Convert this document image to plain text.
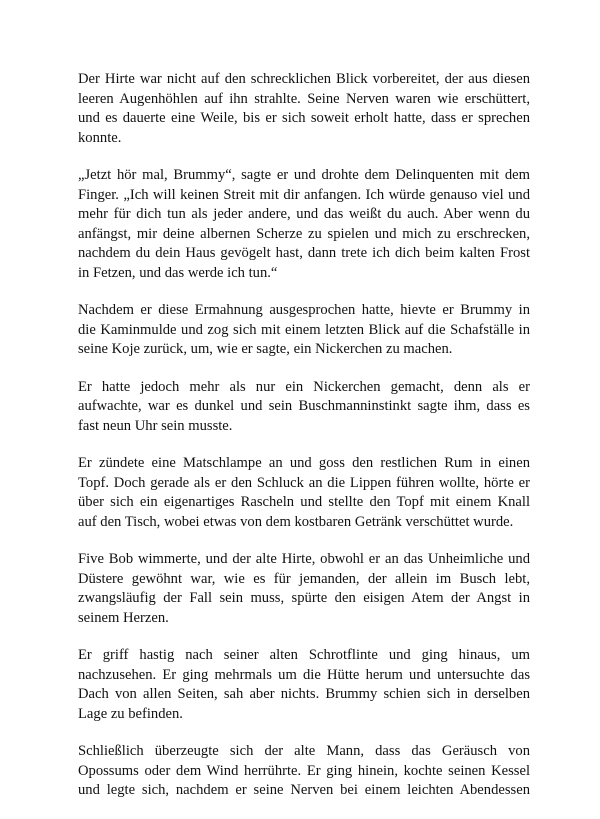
Der Hirte war nicht auf den schrecklichen Blick vorbereitet, der aus diesen
leeren Augenhöhlen auf ihn strahlte. Seine Nerven waren wie erschüttert,
und es dauerte eine Weile, bis er sich soweit erholt hatte, dass er sprechen
konnte.

„Jetzt hör mal, Brummy“, sagte er und drohte dem Delinquenten mit dem
Finger. „Ich will keinen Streit mit dir anfangen. Ich würde genauso viel und
mehr für dich tun als jeder andere, und das weißt du auch. Aber wenn du
anfängst, mir deine albernen Scherze zu spielen und mich zu erschrecken,
nachdem du dein Haus gevögelt hast, dann trete ich dich beim kalten Frost
in Fetzen, und das werde ich tun.“

Nachdem er diese Ermahnung ausgesprochen hatte, hievte er Brummy in
die Kaminmulde und zog sich mit einem letzten Blick auf die Schafställe in
seine Koje zurück, um, wie er sagte, ein Nickerchen zu machen.

Er hatte jedoch mehr als nur ein Nickerchen gemacht, denn als er
aufwachte, war es dunkel und sein Buschmanninstinkt sagte ihm, dass es
fast neun Uhr sein musste.

Er zündete eine Matschlampe an und goss den restlichen Rum in einen
Topf. Doch gerade als er den Schluck an die Lippen führen wollte, hörte er
über sich ein eigenartiges Rascheln und stellte den Topf mit einem Knall
auf den Tisch, wobei etwas von dem kostbaren Getränk verschüttet wurde.

Five Bob wimmerte, und der alte Hirte, obwohl er an das Unheimliche und
Düstere gewöhnt war, wie es für jemanden, der allein im Busch lebt,
zwangsläufig der Fall sein muss, spürte den eisigen Atem der Angst in
seinem Herzen.

Er griff hastig nach seiner alten Schrotflinte und ging hinaus, um
nachzusehen. Er ging mehrmals um die Hütte herum und untersuchte das
Dach von allen Seiten, sah aber nichts. Brummy schien sich in derselben
Lage zu befinden.

Schließlich überzeugte sich der alte Mann, dass das Geräusch von
Opossums oder dem Wind herrührte. Er ging hinein, kochte seinen Kessel
und legte sich, nachdem er seine Nerven bei einem leichten Abendessen
